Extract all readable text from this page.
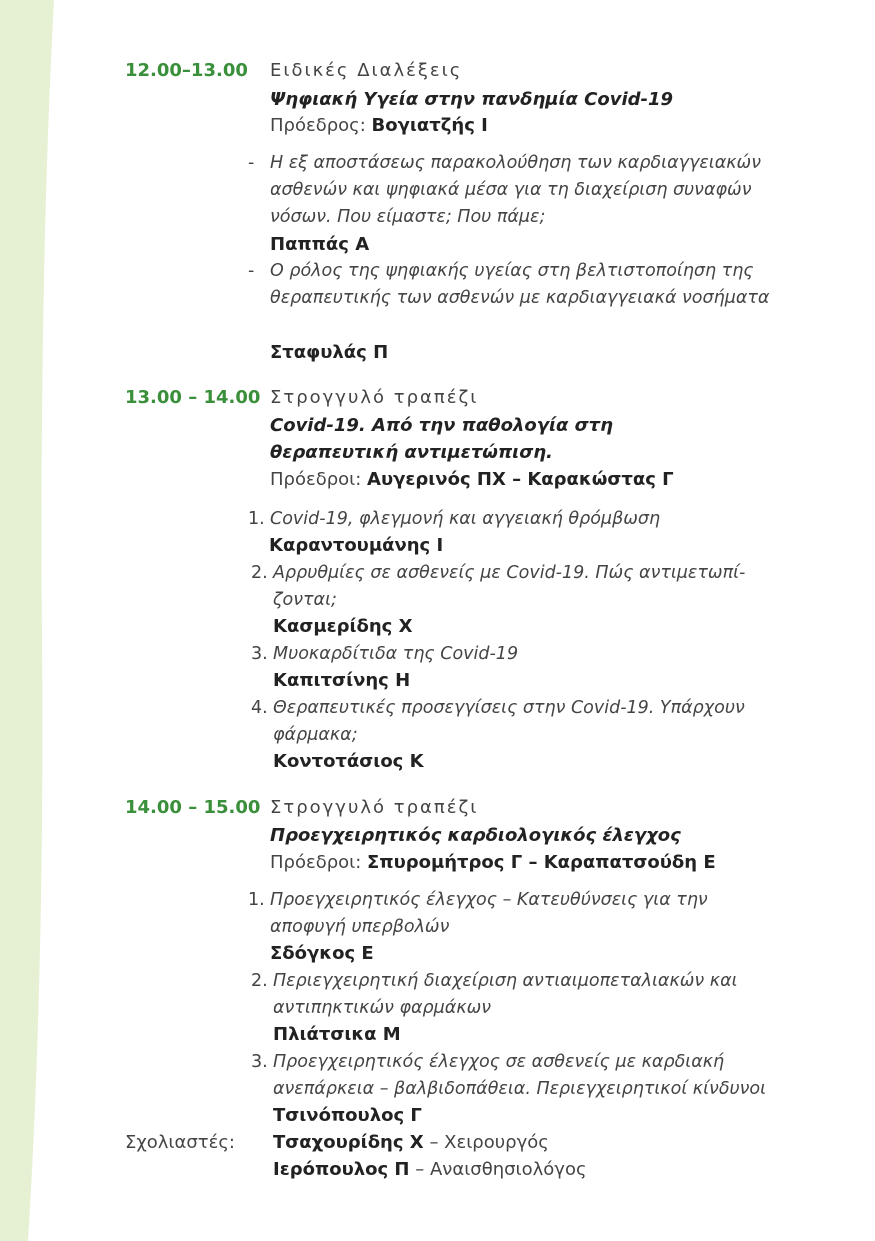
12.00–13.00 Ειδικές Διαλέξεις
Ψηφιακή Υγεία στην πανδημία Covid-19
Πρόεδρος: Βογιατζής Ι
- Η εξ αποστάσεως παρακολούθηση των καρδιαγγειακών ασθενών και ψηφιακά μέσα για τη διαχείριση συναφών νόσων. Που είμαστε; Που πάμε;
Παππάς Α
- Ο ρόλος της ψηφιακής υγείας στη βελτιστοποίηση της θεραπευτικής των ασθενών με καρδιαγγειακά νοσήματα
Σταφυλάς Π
13.00 – 14.00 Στρογγυλό τραπέζι
Covid-19. Από την παθολογία στη θεραπευτική αντιμετώπιση.
Πρόεδροι: Αυγερινός ΠΧ – Καρακώστας Γ
1. Covid-19, φλεγμονή και αγγειακή θρόμβωση
Καραντουμάνης Ι
2. Αρρυθμίες σε ασθενείς με Covid-19. Πώς αντιμετωπί-ζονται;
Κασμερίδης Χ
3. Μυοκαρδίτιδα της Covid-19
Καπιτσίνης Η
4. Θεραπευτικές προσεγγίσεις στην Covid-19. Υπάρχουν φάρμακα;
Κοντοτάσιος Κ
14.00 – 15.00 Στρογγυλό τραπέζι
Προεγχειρητικός καρδιολογικός έλεγχος
Πρόεδροι: Σπυρομήτρος Γ – Καραπατσούδη Ε
1. Προεγχειρητικός έλεγχος – Κατευθύνσεις για την αποφυγή υπερβολών
Σδόγκος Ε
2. Περιεγχειρητική διαχείριση αντιαιμοπεταλιακών και αντιπηκτικών φαρμάκων
Πλιάτσικα Μ
3. Προεγχειρητικός έλεγχος σε ασθενείς με καρδιακή ανεπάρκεια – βαλβιδοπάθεια. Περιεγχειρητικοί κίνδυνοι
Τσινόπουλος Γ
Σχολιαστές: Τσαχουρίδης Χ – Χειρουργός
Ιερόπουλος Π – Αναισθησιολόγος
